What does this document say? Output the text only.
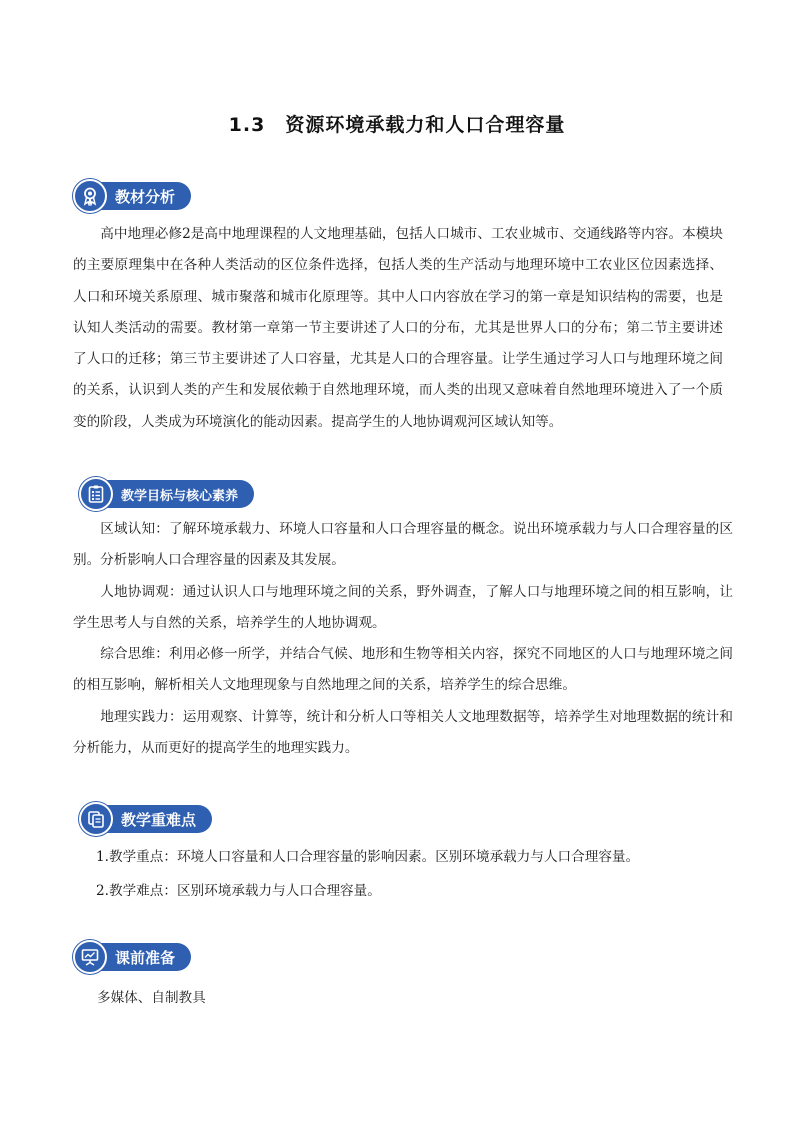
1.3　资源环境承载力和人口合理容量
教材分析

高中地理必修2是高中地理课程的人文地理基础，包括人口城市、工农业城市、交通线路等内容。本模块的主要原理集中在各种人类活动的区位条件选择，包括人类的生产活动与地理环境中工农业区位因素选择、人口和环境关系原理、城市聚落和城市化原理等。其中人口内容放在学习的第一章是知识结构的需要，也是认知人类活动的需要。教材第一章第一节主要讲述了人口的分布，尤其是世界人口的分布；第二节主要讲述了人口的迁移；第三节主要讲述了人口容量，尤其是人口的合理容量。让学生通过学习人口与地理环境之间的关系，认识到人类的产生和发展依赖于自然地理环境，而人类的出现又意味着自然地理环境进入了一个质变的阶段，人类成为环境演化的能动因素。提高学生的人地协调观河区域认知等。

教学目标与核心素养

区域认知：了解环境承载力、环境人口容量和人口合理容量的概念。说出环境承载力与人口合理容量的区别。分析影响人口合理容量的因素及其发展。

人地协调观：通过认识人口与地理环境之间的关系，野外调查，了解人口与地理环境之间的相互影响，让学生思考人与自然的关系，培养学生的人地协调观。

综合思维：利用必修一所学，并结合气候、地形和生物等相关内容，探究不同地区的人口与地理环境之间的相互影响，解析相关人文地理现象与自然地理之间的关系，培养学生的综合思维。

地理实践力：运用观察、计算等，统计和分析人口等相关人文地理数据等，培养学生对地理数据的统计和分析能力，从而更好的提高学生的地理实践力。

教学重难点
1.教学重点：环境人口容量和人口合理容量的影响因素。区别环境承载力与人口合理容量。
2.教学难点：区别环境承载力与人口合理容量。
课前准备
多媒体、自制教具
